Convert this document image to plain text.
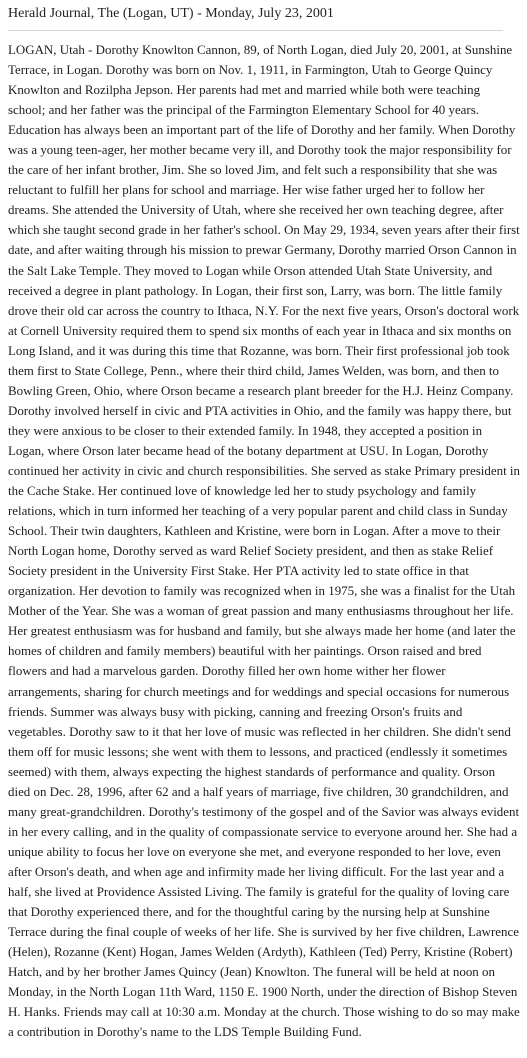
Herald Journal, The (Logan, UT) - Monday, July 23, 2001

LOGAN, Utah - Dorothy Knowlton Cannon, 89, of North Logan, died July 20, 2001, at Sunshine Terrace, in Logan. Dorothy was born on Nov. 1, 1911, in Farmington, Utah to George Quincy Knowlton and Rozilpha Jepson. Her parents had met and married while both were teaching school; and her father was the principal of the Farmington Elementary School for 40 years. Education has always been an important part of the life of Dorothy and her family. When Dorothy was a young teen-ager, her mother became very ill, and Dorothy took the major responsibility for the care of her infant brother, Jim. She so loved Jim, and felt such a responsibility that she was reluctant to fulfill her plans for school and marriage. Her wise father urged her to follow her dreams. She attended the University of Utah, where she received her own teaching degree, after which she taught second grade in her father's school. On May 29, 1934, seven years after their first date, and after waiting through his mission to prewar Germany, Dorothy married Orson Cannon in the Salt Lake Temple. They moved to Logan while Orson attended Utah State University, and received a degree in plant pathology. In Logan, their first son, Larry, was born. The little family drove their old car across the country to Ithaca, N.Y. For the next five years, Orson's doctoral work at Cornell University required them to spend six months of each year in Ithaca and six months on Long Island, and it was during this time that Rozanne, was born. Their first professional job took them first to State College, Penn., where their third child, James Welden, was born, and then to Bowling Green, Ohio, where Orson became a research plant breeder for the H.J. Heinz Company. Dorothy involved herself in civic and PTA activities in Ohio, and the family was happy there, but they were anxious to be closer to their extended family. In 1948, they accepted a position in Logan, where Orson later became head of the botany department at USU. In Logan, Dorothy continued her activity in civic and church responsibilities. She served as stake Primary president in the Cache Stake. Her continued love of knowledge led her to study psychology and family relations, which in turn informed her teaching of a very popular parent and child class in Sunday School. Their twin daughters, Kathleen and Kristine, were born in Logan. After a move to their North Logan home, Dorothy served as ward Relief Society president, and then as stake Relief Society president in the University First Stake. Her PTA activity led to state office in that organization. Her devotion to family was recognized when in 1975, she was a finalist for the Utah Mother of the Year. She was a woman of great passion and many enthusiasms throughout her life. Her greatest enthusiasm was for husband and family, but she always made her home (and later the homes of children and family members) beautiful with her paintings. Orson raised and bred flowers and had a marvelous garden. Dorothy filled her own home wither her flower arrangements, sharing for church meetings and for weddings and special occasions for numerous friends. Summer was always busy with picking, canning and freezing Orson's fruits and vegetables. Dorothy saw to it that her love of music was reflected in her children. She didn't send them off for music lessons; she went with them to lessons, and practiced (endlessly it sometimes seemed) with them, always expecting the highest standards of performance and quality. Orson died on Dec. 28, 1996, after 62 and a half years of marriage, five children, 30 grandchildren, and many great-grandchildren. Dorothy's testimony of the gospel and of the Savior was always evident in her every calling, and in the quality of compassionate service to everyone around her. She had a unique ability to focus her love on everyone she met, and everyone responded to her love, even after Orson's death, and when age and infirmity made her living difficult. For the last year and a half, she lived at Providence Assisted Living. The family is grateful for the quality of loving care that Dorothy experienced there, and for the thoughtful caring by the nursing help at Sunshine Terrace during the final couple of weeks of her life. She is survived by her five children, Lawrence (Helen), Rozanne (Kent) Hogan, James Welden (Ardyth), Kathleen (Ted) Perry, Kristine (Robert) Hatch, and by her brother James Quincy (Jean) Knowlton. The funeral will be held at noon on Monday, in the North Logan 11th Ward, 1150 E. 1900 North, under the direction of Bishop Steven H. Hanks. Friends may call at 10:30 a.m. Monday at the church. Those wishing to do so may make a contribution in Dorothy's name to the LDS Temple Building Fund.
